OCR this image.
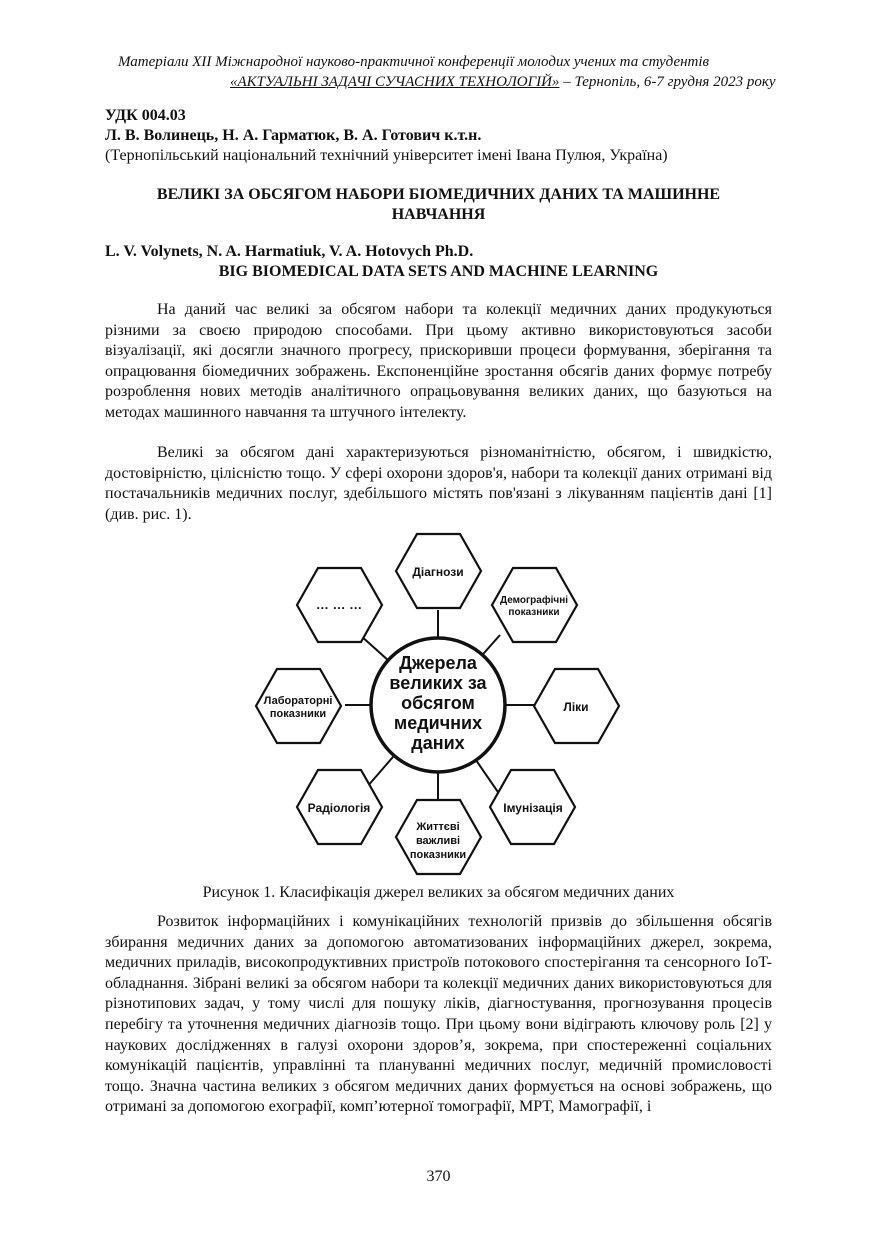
Матеріали ХІІ Міжнародної науково-практичної конференції молодих учених та студентів
«АКТУАЛЬНІ ЗАДАЧІ СУЧАСНИХ ТЕХНОЛОГІЙ» – Тернопіль, 6-7 грудня 2023 року
УДК 004.03
Л. В. Волинець, Н. А. Гарматюк, В. А. Готович к.т.н.
(Тернопільський національний технічний університет імені Івана Пулюя, Україна)
ВЕЛИКІ ЗА ОБСЯГОМ НАБОРИ БІОМЕДИЧНИХ ДАНИХ ТА МАШИННЕ
НАВЧАННЯ
L. V. Volynets, N. A. Harmatiuk, V. A. Hotovych Ph.D.
BIG BIOMEDICAL DATA SETS AND MACHINE LEARNING
На даний час великі за обсягом набори та колекції медичних даних продукуються різними за своєю природою способами. При цьому активно використовуються засоби візуалізації, які досягли значного прогресу, прискоривши процеси формування, зберігання та опрацювання біомедичних зображень. Експоненційне зростання обсягів даних формує потребу розроблення нових методів аналітичного опрацьовування великих даних, що базуються на методах машинного навчання та штучного інтелекту.
Великі за обсягом дані характеризуються різноманітністю, обсягом, і швидкістю, достовірністю, цілісністю тощо. У сфері охорони здоров'я, набори та колекції даних отримані від постачальників медичних послуг, здебільшого містять пов'язані з лікуванням пацієнтів дані [1] (див. рис. 1).
Джерела
великих за
обсягом
медичних
даних
Діагнози
Демографічні
показники
Ліки
Імунізація
Життєві
важливі
показники
Радіологія
Лабораторні
показники
… … …
Рисунок 1. Класифікація джерел великих за обсягом медичних даних
Розвиток інформаційних і комунікаційних технологій призвів до збільшення обсягів збирання медичних даних за допомогою автоматизованих інформаційних джерел, зокрема, медичних приладів, високопродуктивних пристроїв потокового спостерігання та сенсорного IoT-обладнання. Зібрані великі за обсягом набори та колекції медичних даних використовуються для різнотипових задач, у тому числі для пошуку ліків, діагностування, прогнозування процесів перебігу та уточнення медичних діагнозів тощо. При цьому вони відіграють ключову роль [2] у наукових дослідженнях в галузі охорони здоров’я, зокрема, при спостереженні соціальних комунікацій пацієнтів, управлінні та плануванні медичних послуг, медичній промисловості тощо. Значна частина великих з обсягом медичних даних формується на основі зображень, що отримані за допомогою ехографії, комп’ютерної томографії, МРТ, Мамографії, і
370
